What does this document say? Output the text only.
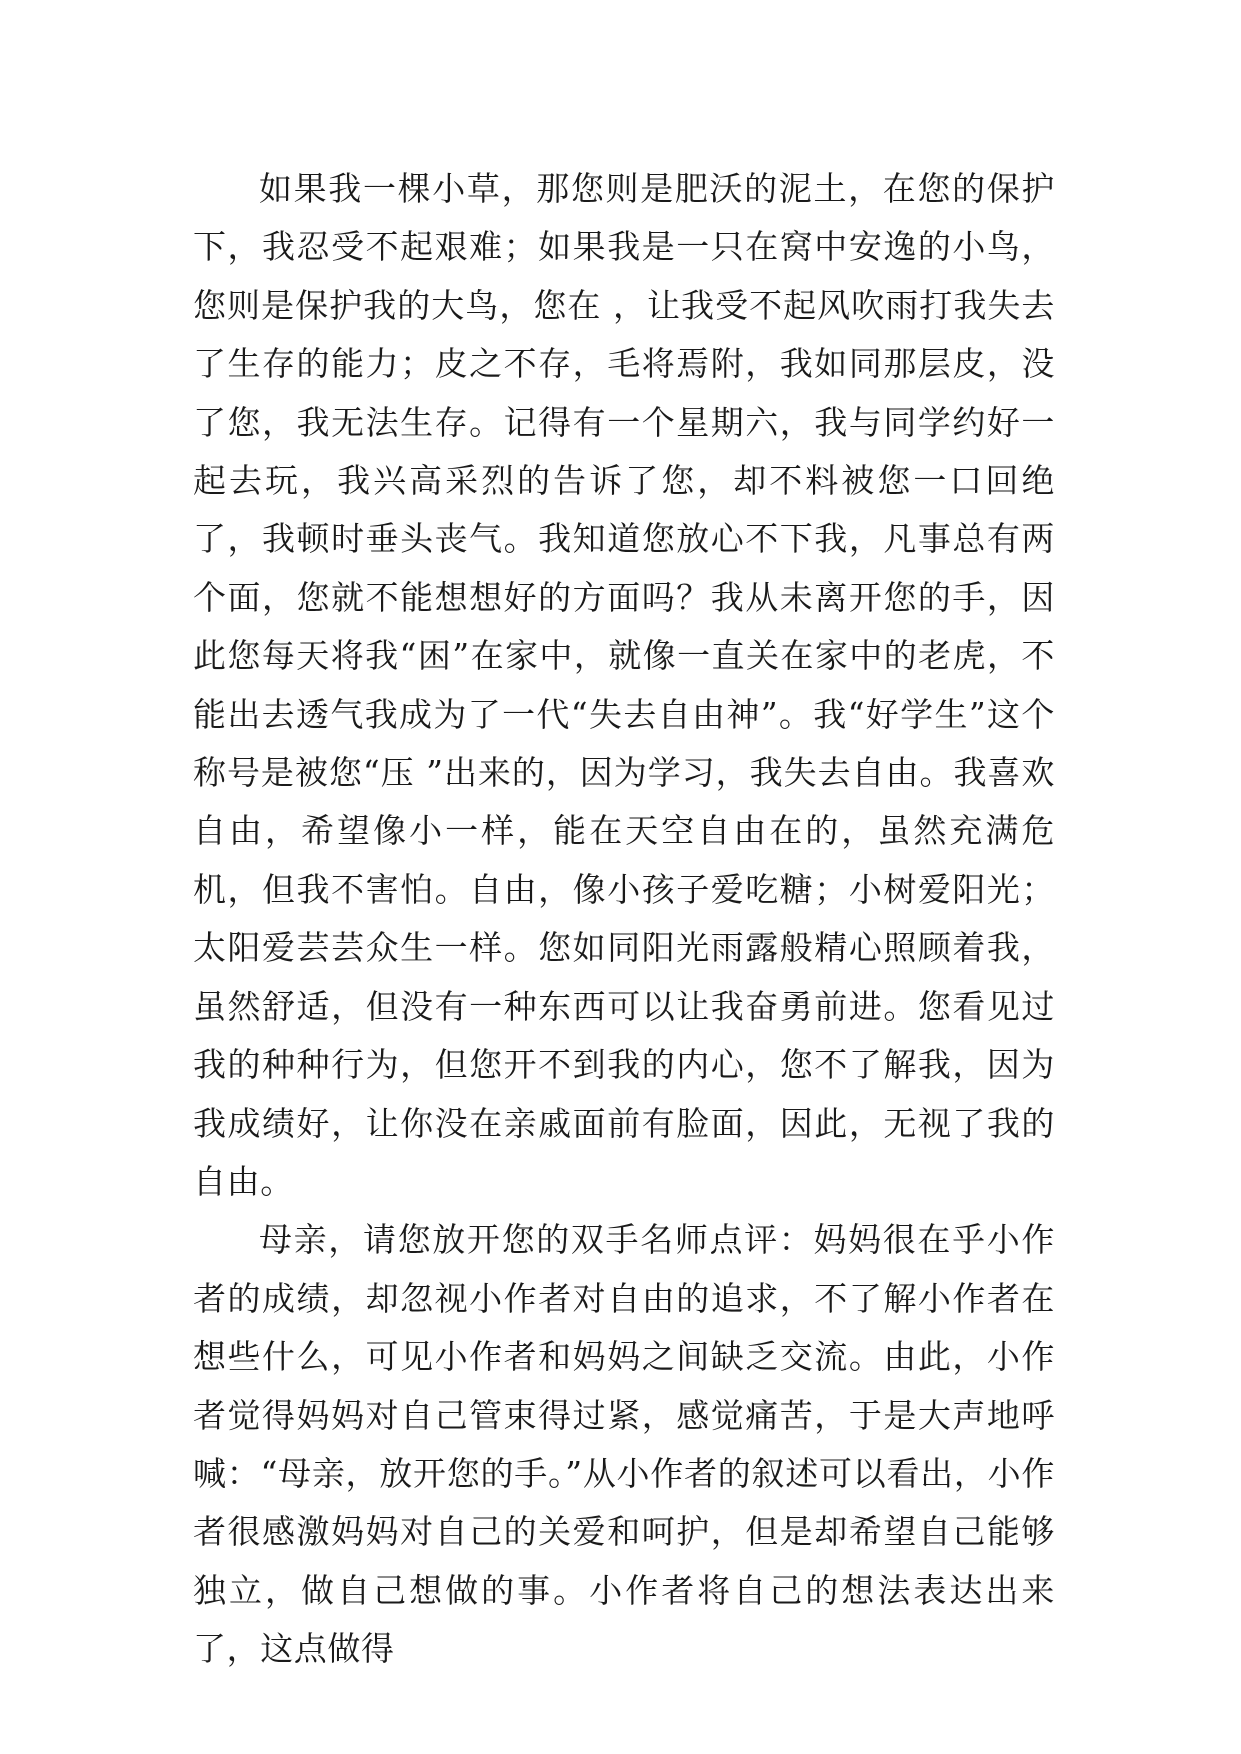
如果我一棵小草，那您则是肥沃的泥土，在您的保护下，我忍受不起艰难；如果我是一只在窝中安逸的小鸟，您则是保护我的大鸟，您在 ，让我受不起风吹雨打我失去了生存的能力；皮之不存，毛将焉附，我如同那层皮，没了您，我无法生存。记得有一个星期六，我与同学约好一起去玩，我兴高采烈的告诉了您，却不料被您一口回绝了，我顿时垂头丧气。我知道您放心不下我，凡事总有两个面，您就不能想想好的方面吗？我从未离开您的手，因此您每天将我“困”在家中，就像一直关在家中的老虎，不能出去透气我成为了一代“失去自由神”。我“好学生”这个称号是被您“压 ”出来的，因为学习，我失去自由。我喜欢自由，希望像小一样，能在天空自由在的，虽然充满危机，但我不害怕。自由，像小孩子爱吃糖；小树爱阳光；太阳爱芸芸众生一样。您如同阳光雨露般精心照顾着我，虽然舒适，但没有一种东西可以让我奋勇前进。您看见过我的种种行为，但您开不到我的内心，您不了解我，因为我成绩好，让你没在亲戚面前有脸面，因此，无视了我的自由。

母亲，请您放开您的双手名师点评：妈妈很在乎小作者的成绩，却忽视小作者对自由的追求，不了解小作者在想些什么，可见小作者和妈妈之间缺乏交流。由此，小作者觉得妈妈对自己管束得过紧，感觉痛苦，于是大声地呼喊：“母亲，放开您的手。”从小作者的叙述可以看出，小作者很感激妈妈对自己的关爱和呵护，但是却希望自己能够独立，做自己想做的事。小作者将自己的想法表达出来了，这点做得
